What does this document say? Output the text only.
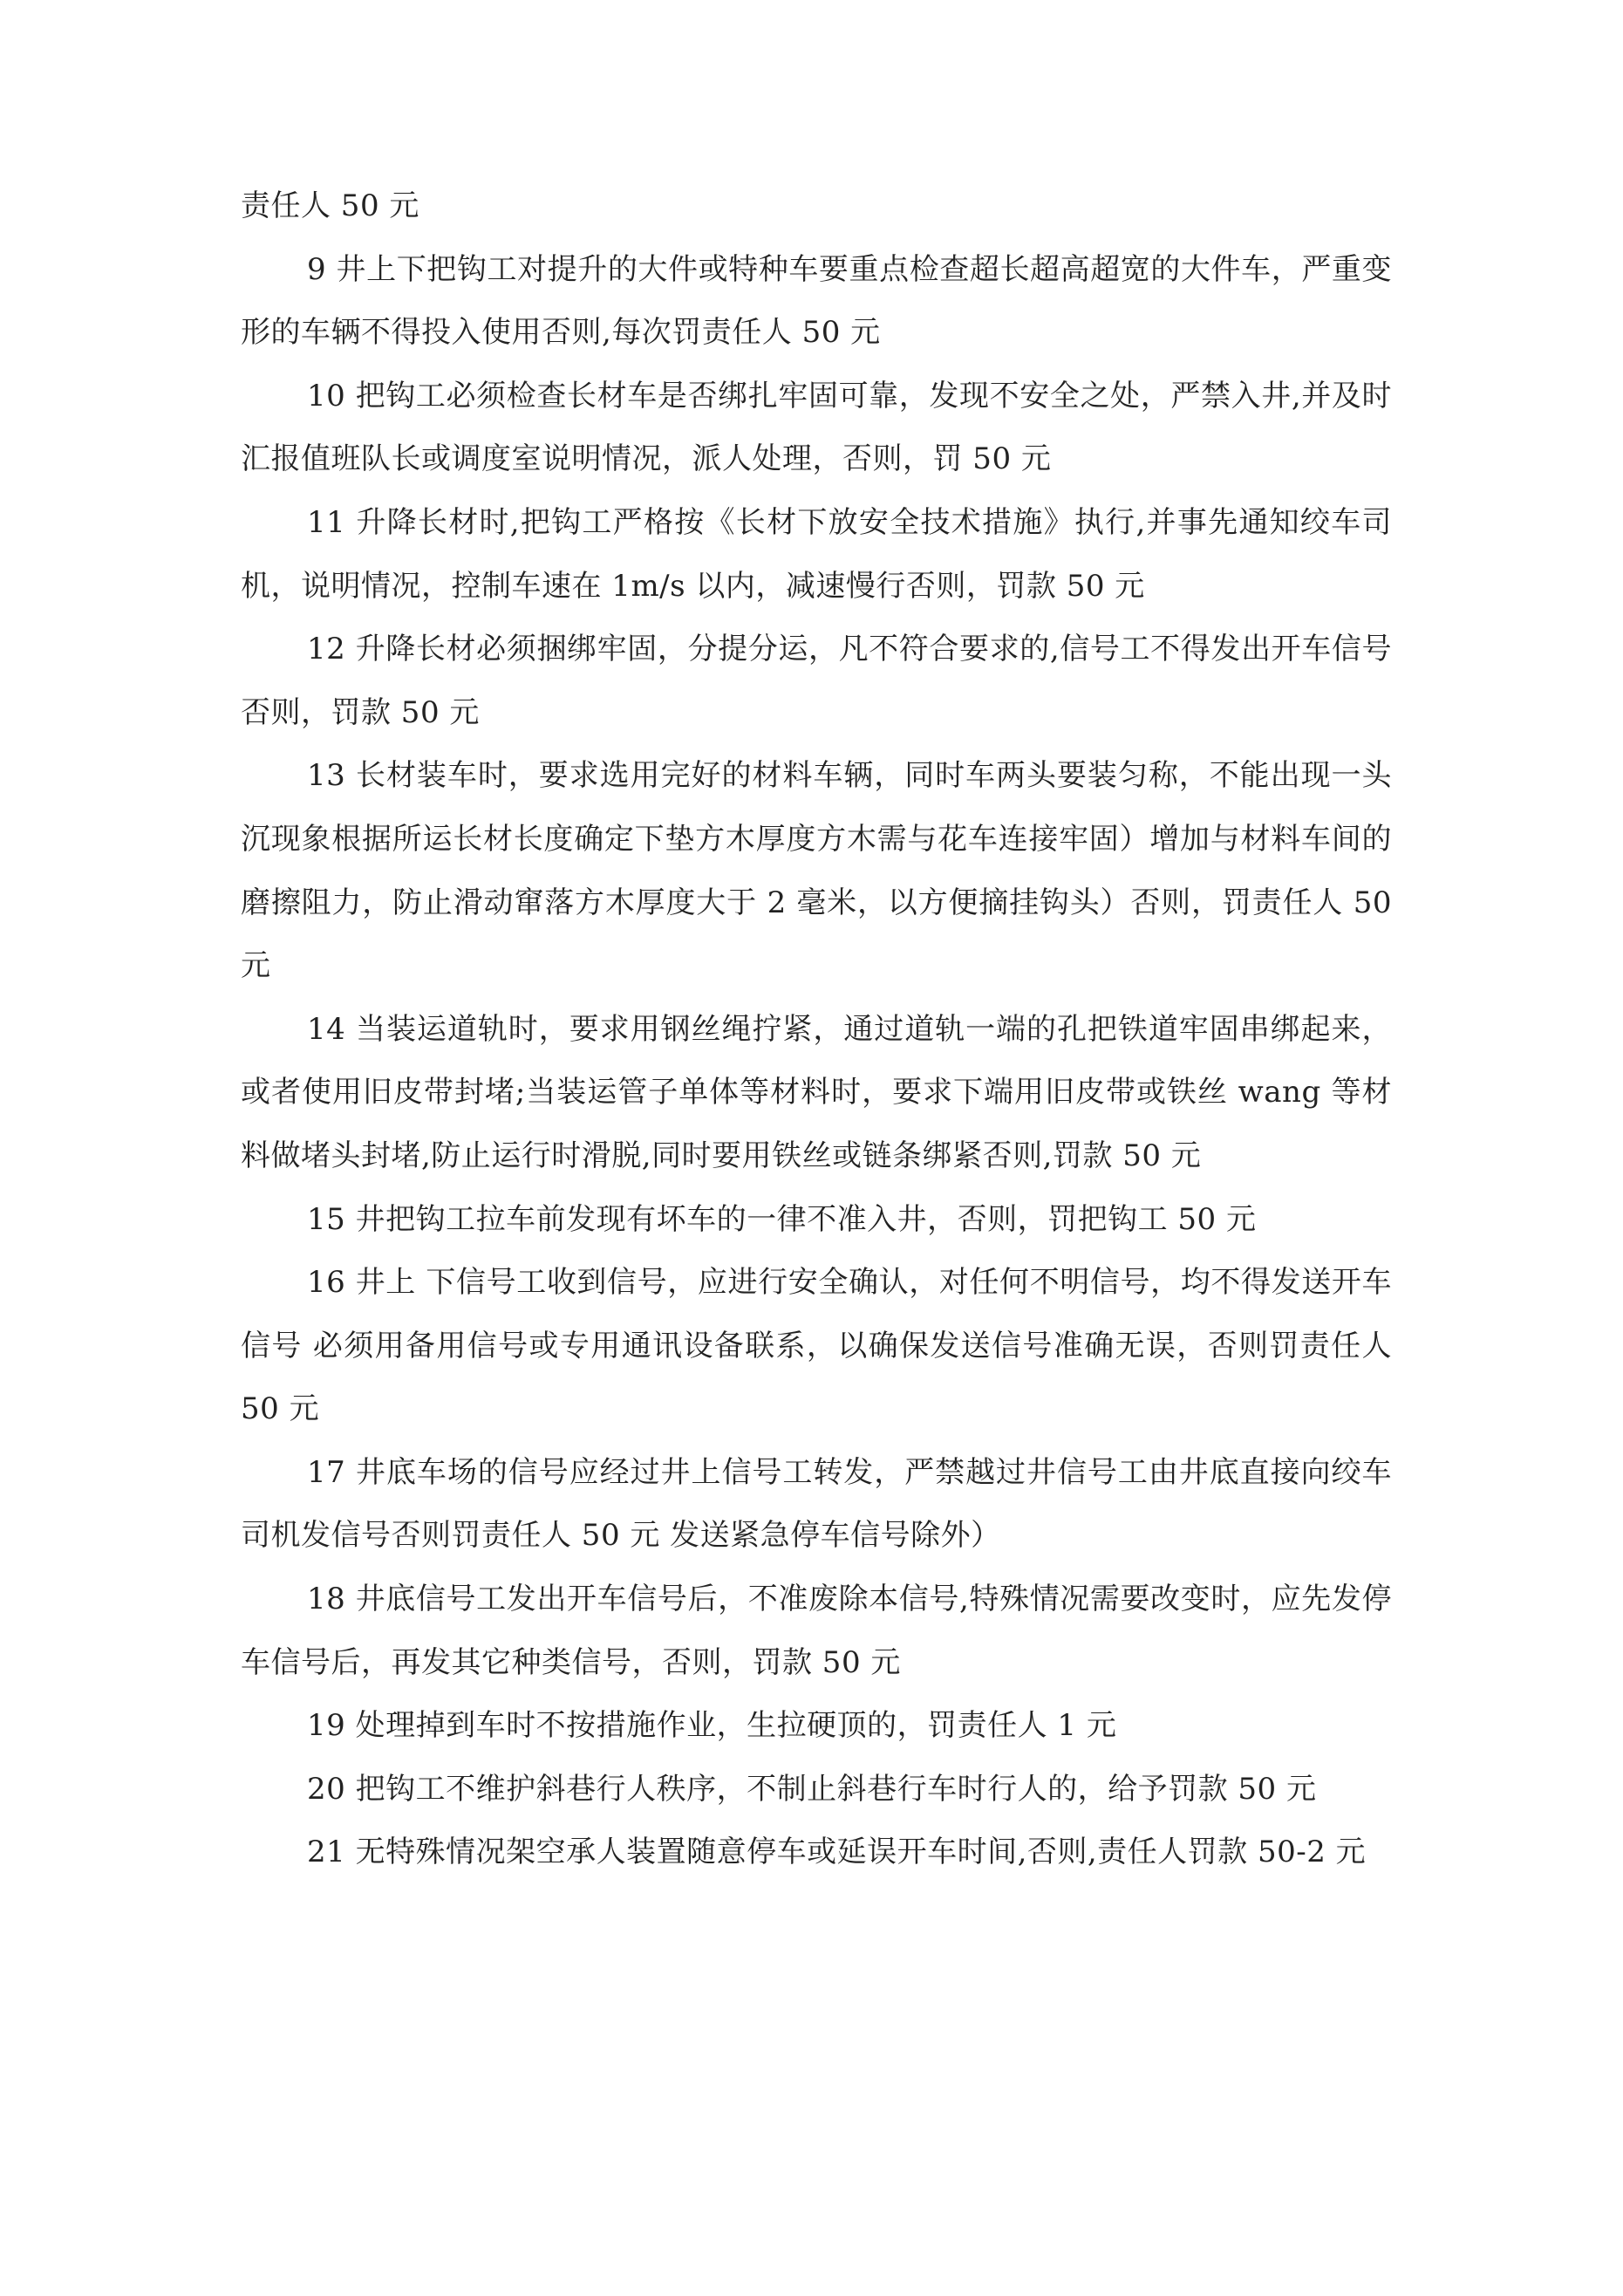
责任人 50 元

9 井上下把钩工对提升的大件或特种车要重点检查超长超高超宽的大件车，严重变形的车辆不得投入使用否则,每次罚责任人 50 元

10 把钩工必须检查长材车是否绑扎牢固可靠，发现不安全之处，严禁入井,并及时汇报值班队长或调度室说明情况，派人处理，否则，罚 50 元

11 升降长材时,把钩工严格按《长材下放安全技术措施》执行,并事先通知绞车司机，说明情况，控制车速在 1m/s 以内，减速慢行否则，罚款 50 元

12 升降长材必须捆绑牢固，分提分运，凡不符合要求的,信号工不得发出开车信号否则，罚款 50 元

13 长材装车时，要求选用完好的材料车辆，同时车两头要装匀称，不能出现一头沉现象根据所运长材长度确定下垫方木厚度方木需与花车连接牢固）增加与材料车间的磨擦阻力，防止滑动窜落方木厚度大于 2 毫米，以方便摘挂钩头）否则，罚责任人 50 元

14 当装运道轨时，要求用钢丝绳拧紧，通过道轨一端的孔把铁道牢固串绑起来，或者使用旧皮带封堵;当装运管子单体等材料时，要求下端用旧皮带或铁丝 wang 等材料做堵头封堵,防止运行时滑脱,同时要用铁丝或链条绑紧否则,罚款 50 元

15 井把钩工拉车前发现有坏车的一律不准入井，否则，罚把钩工 50 元

16 井上 下信号工收到信号，应进行安全确认，对任何不明信号，均不得发送开车信号 必须用备用信号或专用通讯设备联系，以确保发送信号准确无误，否则罚责任人 50 元

17 井底车场的信号应经过井上信号工转发，严禁越过井信号工由井底直接向绞车司机发信号否则罚责任人 50 元 发送紧急停车信号除外）

18 井底信号工发出开车信号后，不准废除本信号,特殊情况需要改变时，应先发停车信号后，再发其它种类信号，否则，罚款 50 元

19 处理掉到车时不按措施作业，生拉硬顶的，罚责任人 1 元

20 把钩工不维护斜巷行人秩序，不制止斜巷行车时行人的，给予罚款 50 元

21 无特殊情况架空承人装置随意停车或延误开车时间,否则,责任人罚款 50-2 元
